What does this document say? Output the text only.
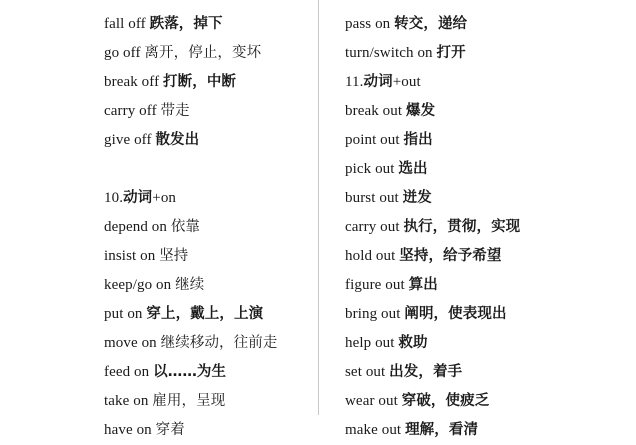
fall off 跌落，掉下
go off 离开，停止，变坏
break off 打断，中断
carry off 带走
give off 散发出
10.动词+on
depend on 依靠
insist on 坚持
keep/go on 继续
put on 穿上，戴上，上演
move on 继续移动，往前走
feed on 以……为生
take on 雇用，呈现
have on 穿着
pass on 转交，递给
turn/switch on 打开
11.动词+out
break out 爆发
point out 指出
pick out 选出
burst out 迸发
carry out 执行，贯彻，实现
hold out 坚持，给予希望
figure out 算出
bring out 阐明，使表现出
help out 救助
set out 出发，着手
wear out 穿破，使疲乏
make out 理解，看清
